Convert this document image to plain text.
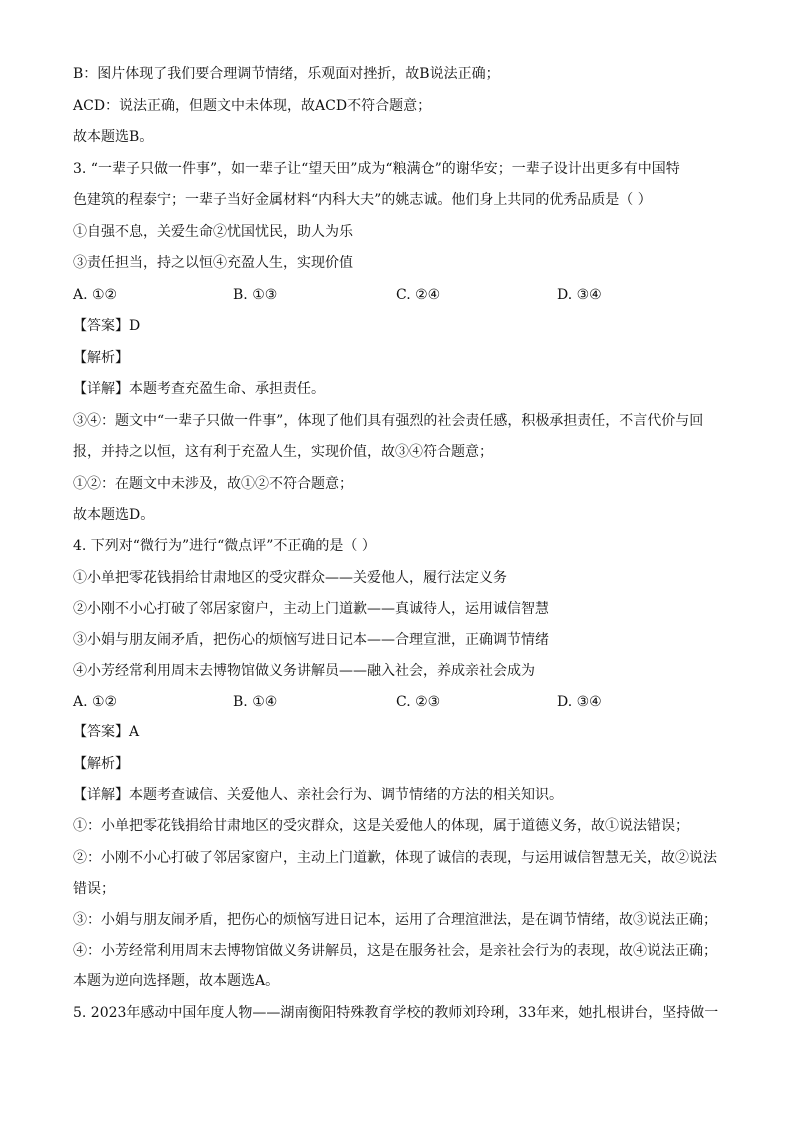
B：图片体现了我们要合理调节情绪，乐观面对挫折，故B说法正确；
ACD：说法正确，但题文中未体现，故ACD不符合题意；
故本题选B。
3. “一辈子只做一件事”，如一辈子让“望天田”成为“粮满仓”的谢华安；一辈子设计出更多有中国特
色建筑的程泰宁；一辈子当好金属材料“内科大夫”的姚志诚。他们身上共同的优秀品质是（ ）
①自强不息，关爱生命②忧国忧民，助人为乐
③责任担当，持之以恒④充盈人生，实现价值
A. ①②	B. ①③	C. ②④	D. ③④
【答案】D
【解析】
【详解】本题考查充盈生命、承担责任。
③④：题文中“一辈子只做一件事”，体现了他们具有强烈的社会责任感，积极承担责任，不言代价与回
报，并持之以恒，这有利于充盈人生，实现价值，故③④符合题意；
①②：在题文中未涉及，故①②不符合题意；
故本题选D。
4. 下列对“微行为”进行“微点评”不正确的是（ ）
①小单把零花钱捐给甘肃地区的受灾群众——关爱他人，履行法定义务
②小刚不小心打破了邻居家窗户，主动上门道歉——真诚待人，运用诚信智慧
③小娟与朋友闹矛盾，把伤心的烦恼写进日记本——合理宣泄，正确调节情绪
④小芳经常利用周末去博物馆做义务讲解员——融入社会，养成亲社会成为
A. ①②	B. ①④	C. ②③	D. ③④
【答案】A
【解析】
【详解】本题考查诚信、关爱他人、亲社会行为、调节情绪的方法的相关知识。
①：小单把零花钱捐给甘肃地区的受灾群众，这是关爱他人的体现，属于道德义务，故①说法错误；
②：小刚不小心打破了邻居家窗户，主动上门道歉，体现了诚信的表现，与运用诚信智慧无关，故②说法
错误；
③：小娟与朋友闹矛盾，把伤心的烦恼写进日记本，运用了合理渲泄法，是在调节情绪，故③说法正确；
④：小芳经常利用周末去博物馆做义务讲解员，这是在服务社会，是亲社会行为的表现，故④说法正确；
本题为逆向选择题，故本题选A。
5. 2023年感动中国年度人物——湖南衡阳特殊教育学校的教师刘玲琍，33年来，她扎根讲台，坚持做一
